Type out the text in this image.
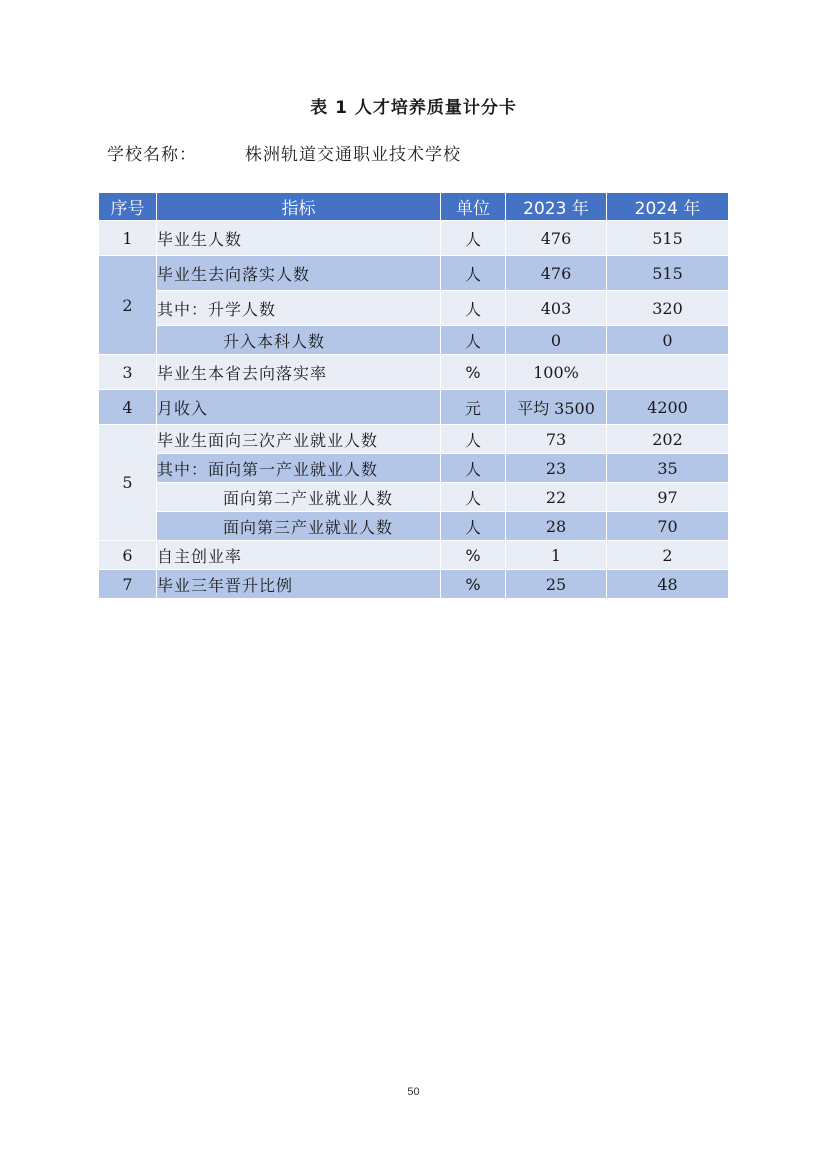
表 1 人才培养质量计分卡
学校名称：	株洲轨道交通职业技术学校
序号	指标	单位	2023 年	2024 年
1	毕业生人数	人	476	515
2	毕业生去向落实人数	人	476	515
	其中：升学人数	人	403	320
	升入本科人数	人	0	0
3	毕业生本省去向落实率	%	100%	
4	月收入	元	平均 3500	4200
5	毕业生面向三次产业就业人数	人	73	202
	其中：面向第一产业就业人数	人	23	35
	面向第二产业就业人数	人	22	97
	面向第三产业就业人数	人	28	70
6	自主创业率	%	1	2
7	毕业三年晋升比例	%	25	48
50
